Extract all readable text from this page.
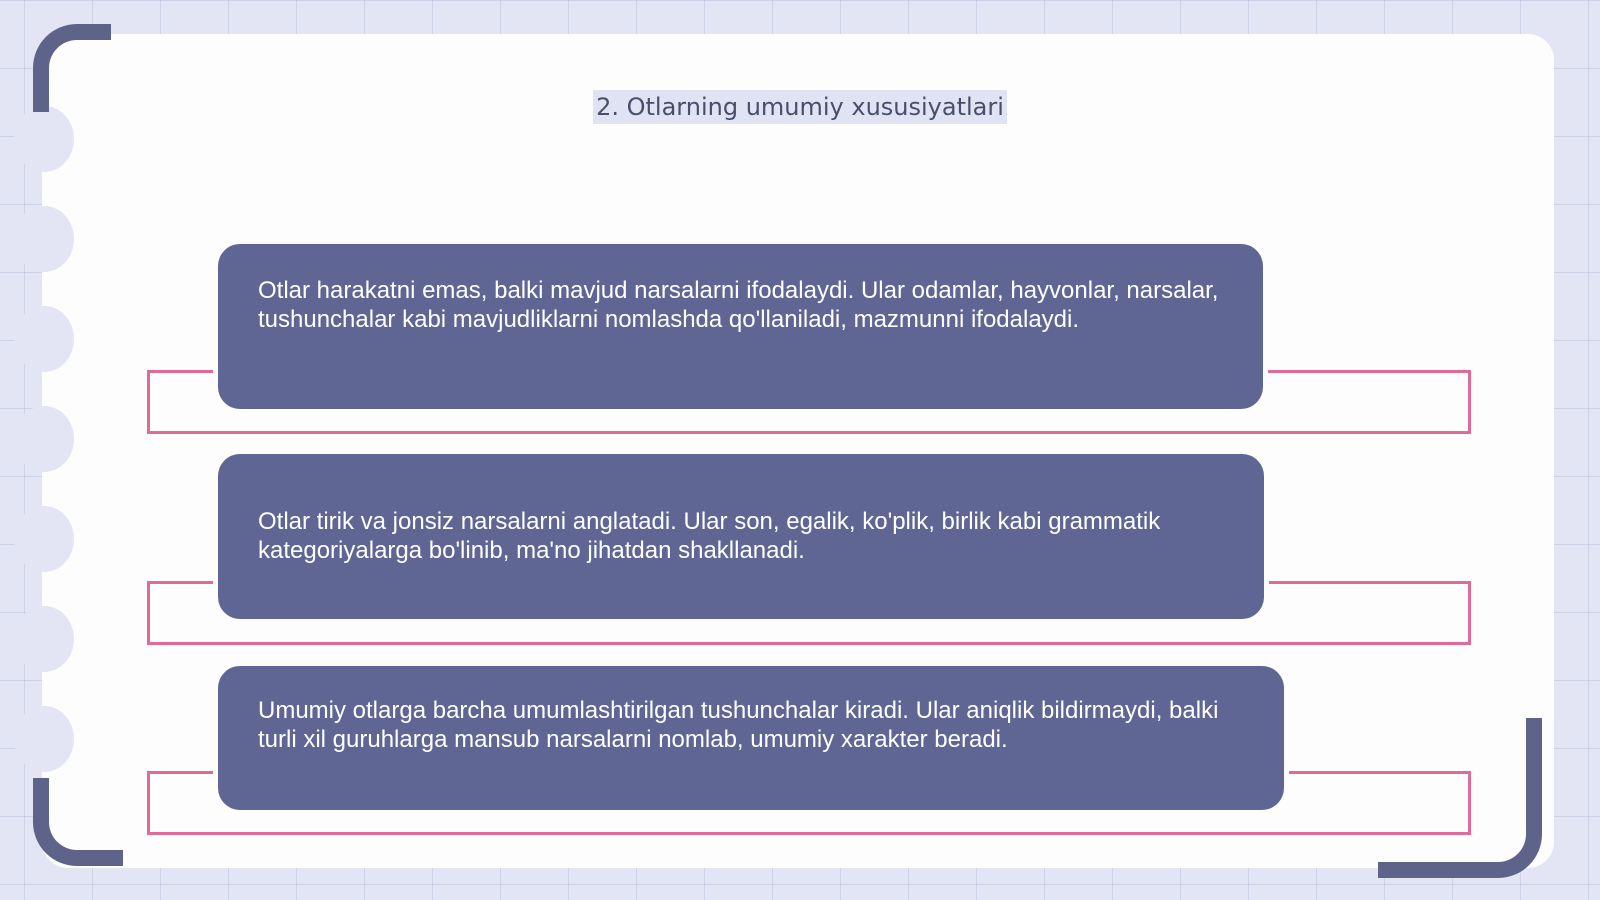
2. Otlarning umumiy xususiyatlari
Otlar harakatni emas, balki mavjud narsalarni ifodalaydi. Ular odamlar, hayvonlar, narsalar, tushunchalar kabi mavjudliklarni nomlashda qo'llaniladi, mazmunni ifodalaydi.
Otlar tirik va jonsiz narsalarni anglatadi. Ular son, egalik, ko'plik, birlik kabi grammatik kategoriyalarga bo'linib, ma'no jihatdan shakllanadi.
Umumiy otlarga barcha umumlashtirilgan tushunchalar kiradi. Ular aniqlik bildirmaydi, balki turli xil guruhlarga mansub narsalarni nomlab, umumiy xarakter beradi.
